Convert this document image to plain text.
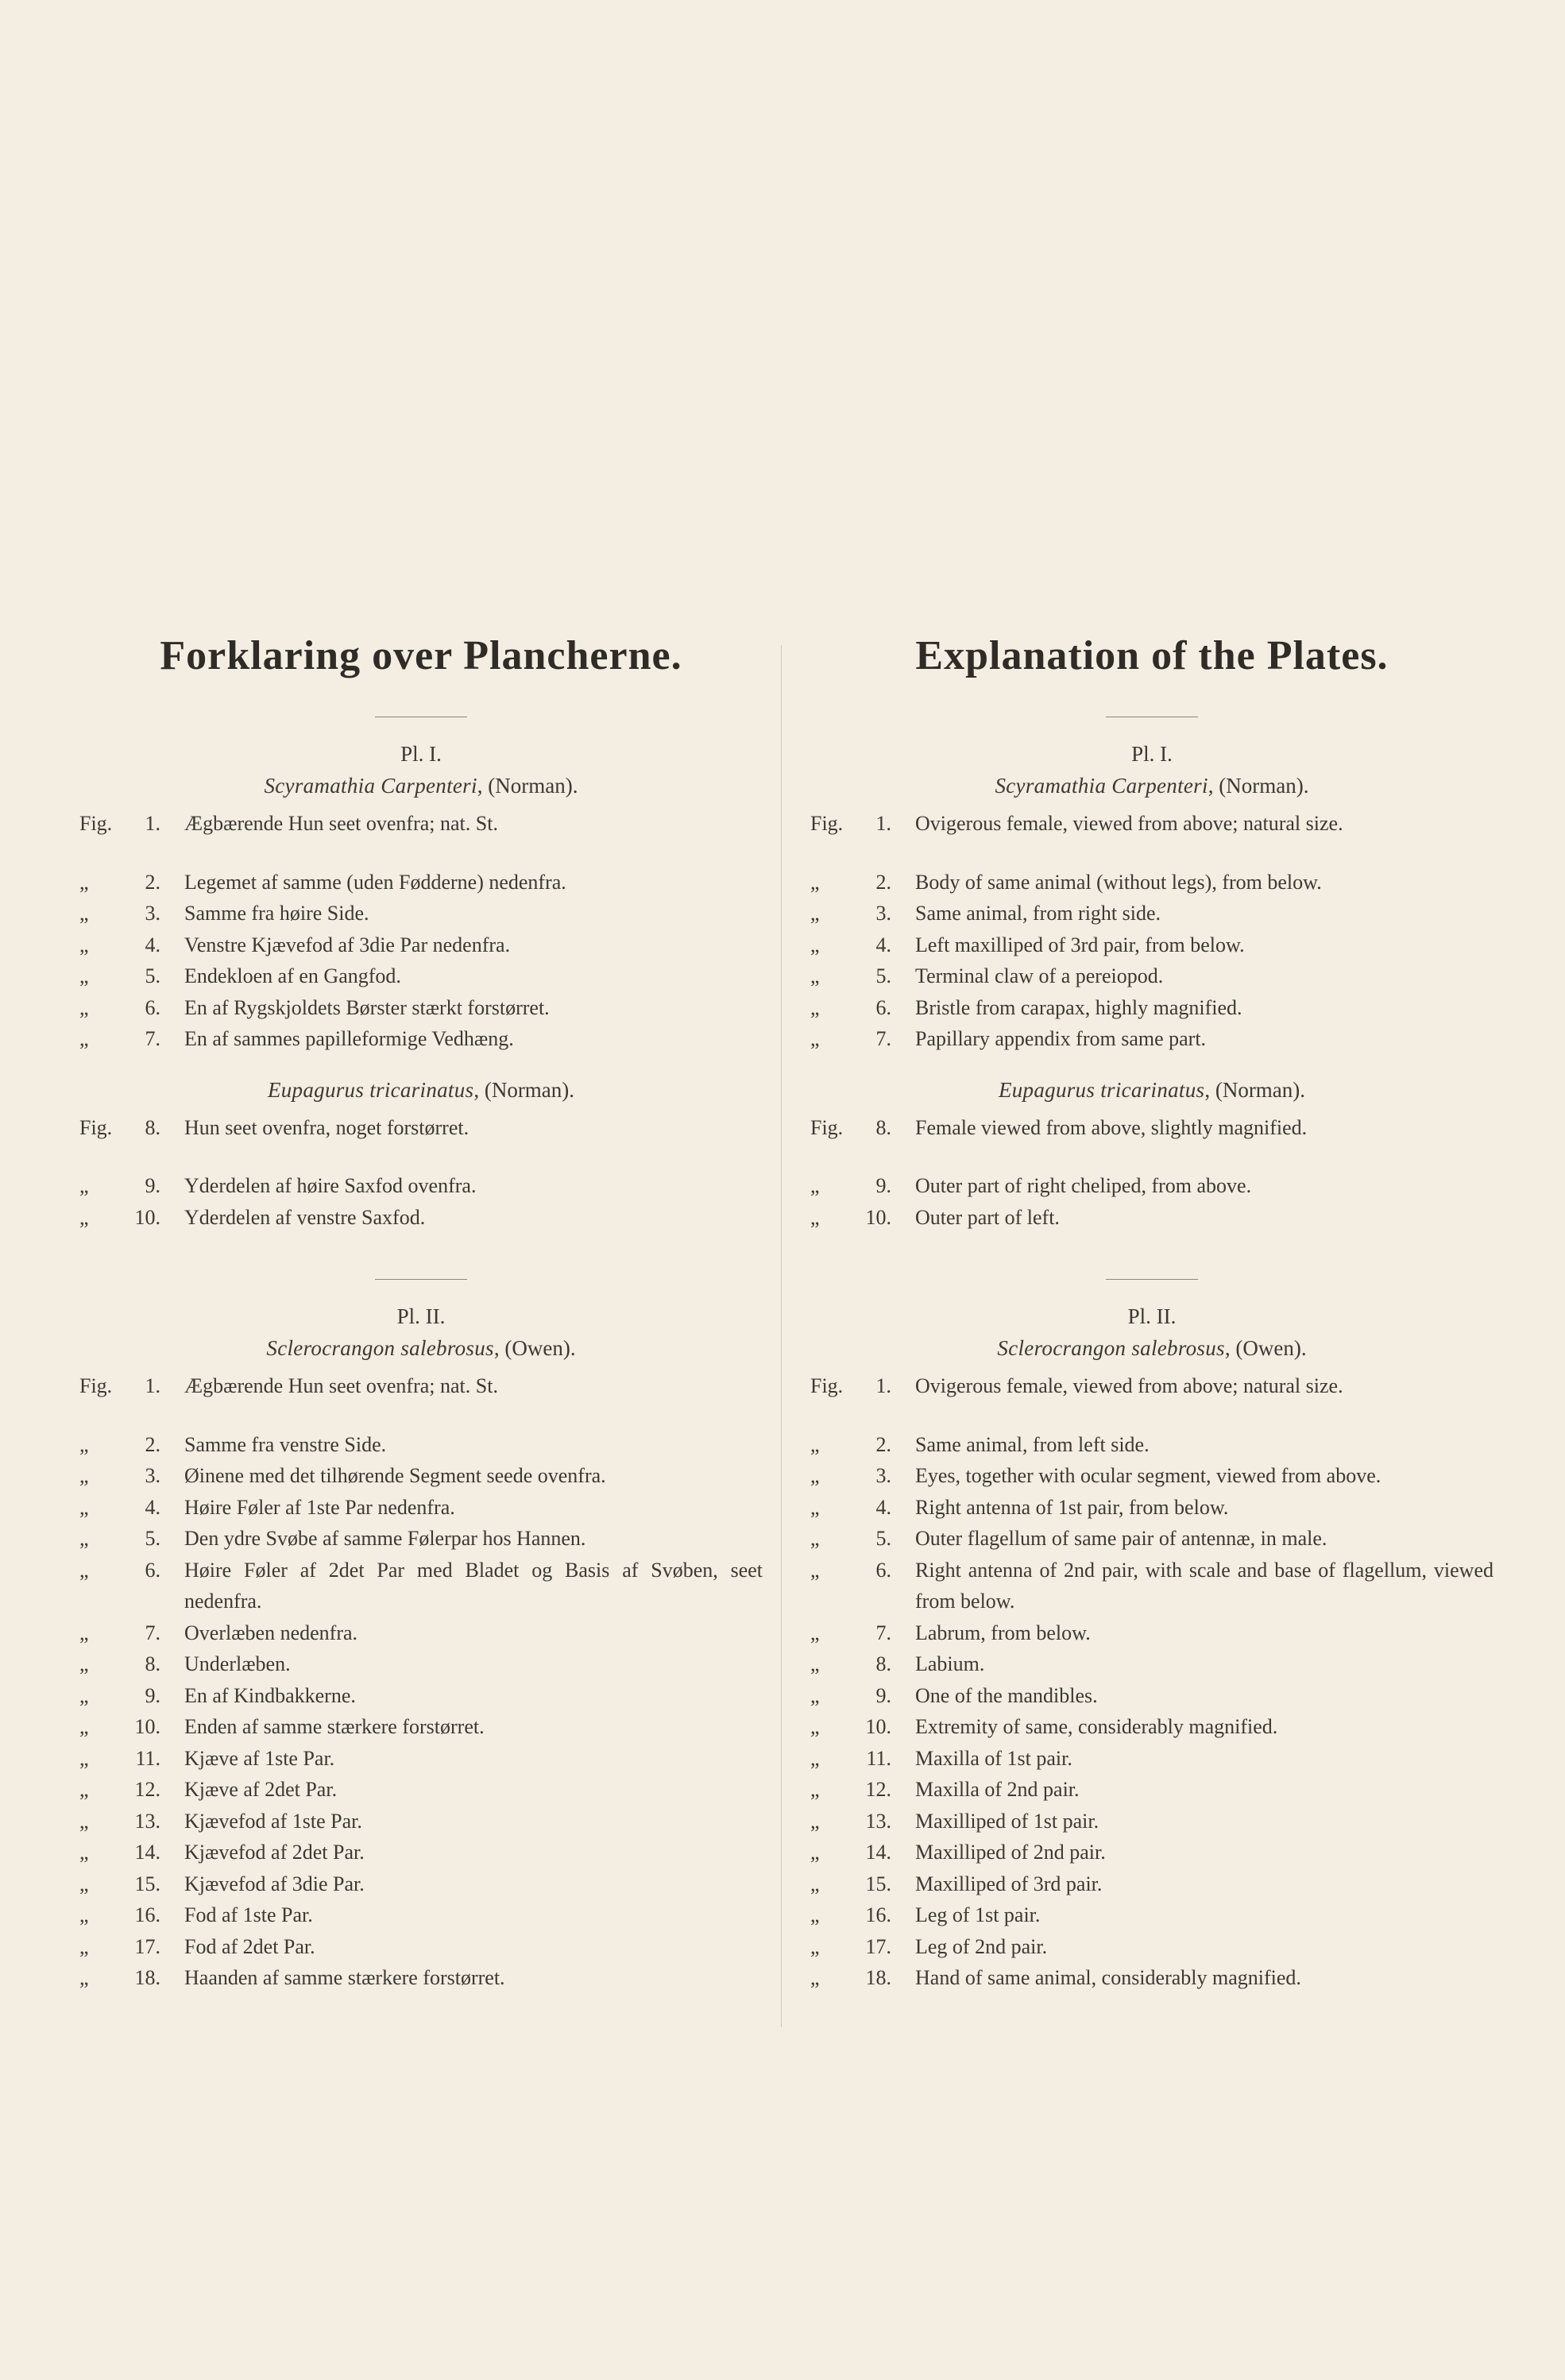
Forklaring over Plancherne.
Pl. I.
Scyramathia Carpenteri, (Norman).
Fig.	1.	Ægbærende Hun seet ovenfra; nat. St.
„	2.	Legemet af samme (uden Fødderne) nedenfra.
„	3.	Samme fra høire Side.
„	4.	Venstre Kjævefod af 3die Par nedenfra.
„	5.	Endekloen af en Gangfod.
„	6.	En af Rygskjoldets Børster stærkt forstørret.
„	7.	En af sammes papilleformige Vedhæng.
Eupagurus tricarinatus, (Norman).
Fig.	8.	Hun seet ovenfra, noget forstørret.
„	9.	Yderdelen af høire Saxfod ovenfra.
„	10.	Yderdelen af venstre Saxfod.
Pl. II.
Sclerocrangon salebrosus, (Owen).
Fig.	1.	Ægbærende Hun seet ovenfra; nat. St.
„	2.	Samme fra venstre Side.
„	3.	Øinene med det tilhørende Segment seede ovenfra.
„	4.	Høire Føler af 1ste Par nedenfra.
„	5.	Den ydre Svøbe af samme Følerpar hos Hannen.
„	6.	Høire Føler af 2det Par med Bladet og Basis af Svøben, seet nedenfra.
„	7.	Overlæben nedenfra.
„	8.	Underlæben.
„	9.	En af Kindbakkerne.
„	10.	Enden af samme stærkere forstørret.
„	11.	Kjæve af 1ste Par.
„	12.	Kjæve af 2det Par.
„	13.	Kjævefod af 1ste Par.
„	14.	Kjævefod af 2det Par.
„	15.	Kjævefod af 3die Par.
„	16.	Fod af 1ste Par.
„	17.	Fod af 2det Par.
„	18.	Haanden af samme stærkere forstørret.
Explanation of the Plates.
Pl. I.
Scyramathia Carpenteri, (Norman).
Fig.	1.	Ovigerous female, viewed from above; natural size.
„	2.	Body of same animal (without legs), from below.
„	3.	Same animal, from right side.
„	4.	Left maxilliped of 3rd pair, from below.
„	5.	Terminal claw of a pereiopod.
„	6.	Bristle from carapax, highly magnified.
„	7.	Papillary appendix from same part.
Eupagurus tricarinatus, (Norman).
Fig.	8.	Female viewed from above, slightly magnified.
„	9.	Outer part of right cheliped, from above.
„	10.	Outer part of left.
Pl. II.
Sclerocrangon salebrosus, (Owen).
Fig.	1.	Ovigerous female, viewed from above; natural size.
„	2.	Same animal, from left side.
„	3.	Eyes, together with ocular segment, viewed from above.
„	4.	Right antenna of 1st pair, from below.
„	5.	Outer flagellum of same pair of antennæ, in male.
„	6.	Right antenna of 2nd pair, with scale and base of flagellum, viewed from below.
„	7.	Labrum, from below.
„	8.	Labium.
„	9.	One of the mandibles.
„	10.	Extremity of same, considerably magnified.
„	11.	Maxilla of 1st pair.
„	12.	Maxilla of 2nd pair.
„	13.	Maxilliped of 1st pair.
„	14.	Maxilliped of 2nd pair.
„	15.	Maxilliped of 3rd pair.
„	16.	Leg of 1st pair.
„	17.	Leg of 2nd pair.
„	18.	Hand of same animal, considerably magnified.
